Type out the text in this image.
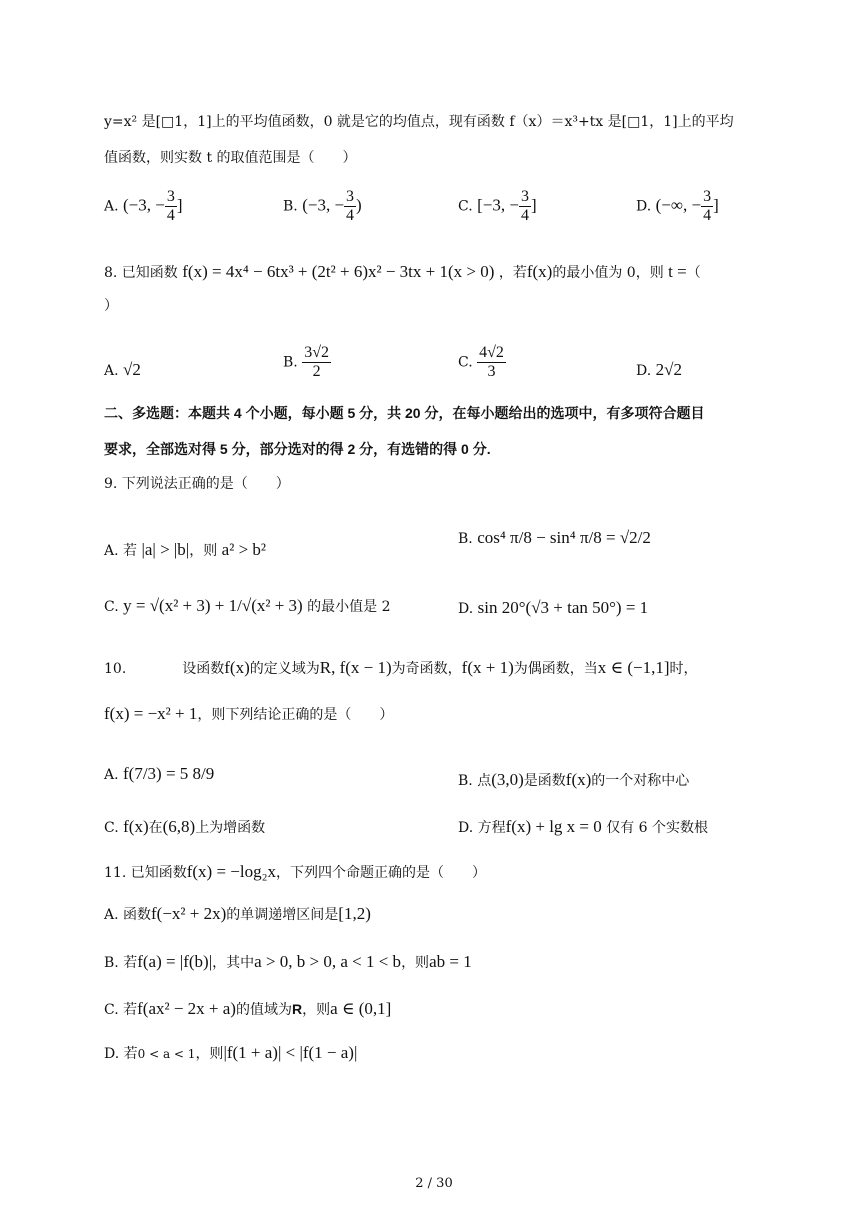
y=x² 是[□1，1]上的平均值函数，0 就是它的均值点，现有函数 f（x）＝x³+tx 是[□1，1]上的平均
值函数，则实数 t 的取值范围是（　　）
A. (−3, − $\frac{3}{4}$ ]	B. (−3, − $\frac{3}{4}$ )	C. [−3, − $\frac{3}{4}$ ]	D. (−∞, − $\frac{3}{4}$ ]
8. 已知函数 f(x) = 4x⁴ − 6tx³ + (2t² + 6)x² − 3tx + 1(x > 0) ，若f(x)的最小值为 0，则 t =（
）
A. √2	B. $\frac{3√2}{2}$	C. $\frac{4√2}{3}$	D. 2√2
二、多选题：本题共 4 个小题，每小题 5 分，共 20 分，在每小题给出的选项中，有多项符合题目
要求，全部选对得 5 分，部分选对的得 2 分，有选错的得 0 分.
9. 下列说法正确的是（　　）
A. 若 |a| > |b|，则 a² > b²
B. cos⁴ π/8 − sin⁴ π/8 = √2/2
C. y = √(x² + 3) + 1/√(x² + 3) 的最小值是 2	D. sin 20°(√3 + tan 50°) = 1
10.	设函数f(x)的定义域为R, f(x − 1)为奇函数，f(x + 1)为偶函数，当x ∈ (−1,1]时，
f(x) = −x² + 1，则下列结论正确的是（　　）
A. f(7/3) = 5 8/9	B. 点(3,0)是函数f(x)的一个对称中心
C. f(x)在(6,8)上为增函数	D. 方程f(x) + lg x = 0 仅有 6 个实数根
11. 已知函数f(x) = −log₂x，下列四个命题正确的是（　　）
A. 函数f(−x² + 2x)的单调递增区间是[1,2)
B. 若f(a) = |f(b)|，其中a > 0, b > 0, a < 1 < b，则ab = 1
C. 若f(ax² − 2x + a)的值域为R，则a ∈ (0,1]
D. 若0 < a < 1，则|f(1 + a)| < |f(1 − a)|
2 / 30
